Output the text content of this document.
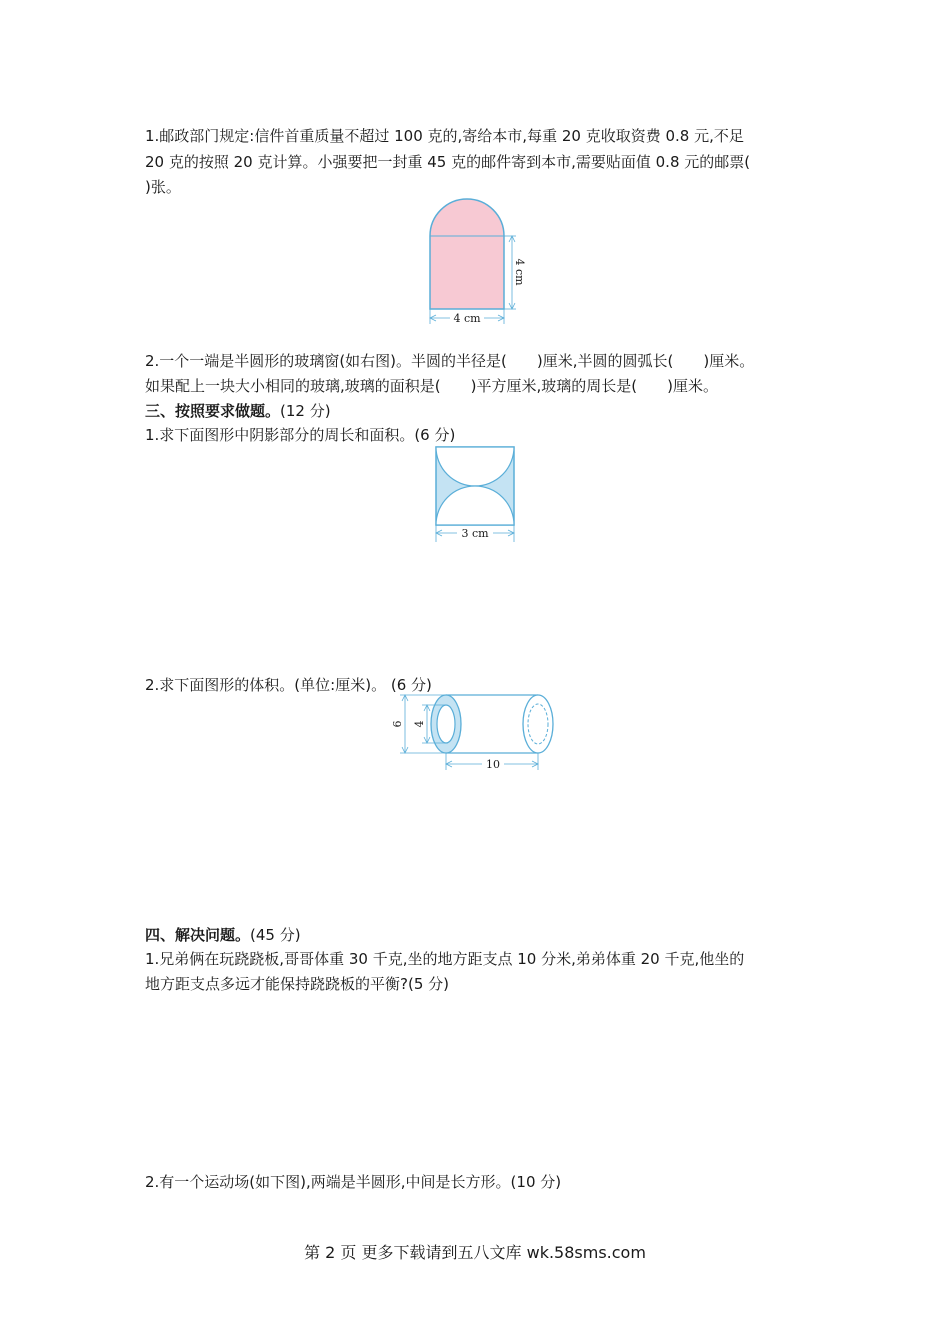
1.邮政部门规定:信件首重质量不超过 100 克的,寄给本市,每重 20 克收取资费 0.8 元,不足
20 克的按照 20 克计算。小强要把一封重 45 克的邮件寄到本市,需要贴面值 0.8 元的邮票(
)张。
4 cm
4 cm
2.一个一端是半圆形的玻璃窗(如右图)。半圆的半径是(　　)厘米,半圆的圆弧长(　　)厘米。
如果配上一块大小相同的玻璃,玻璃的面积是(　　)平方厘米,玻璃的周长是(　　)厘米。
三、按照要求做题。(12 分)
1.求下面图形中阴影部分的周长和面积。(6 分)
3 cm
2.求下面图形的体积。(单位:厘米)。 (6 分)
6 4
10
四、解决问题。(45 分)
1.兄弟俩在玩跷跷板,哥哥体重 30 千克,坐的地方距支点 10 分米,弟弟体重 20 千克,他坐的
地方距支点多远才能保持跷跷板的平衡?(5 分)
2.有一个运动场(如下图),两端是半圆形,中间是长方形。(10 分)
第 2 页 更多下载请到五八文库 wk.58sms.com
